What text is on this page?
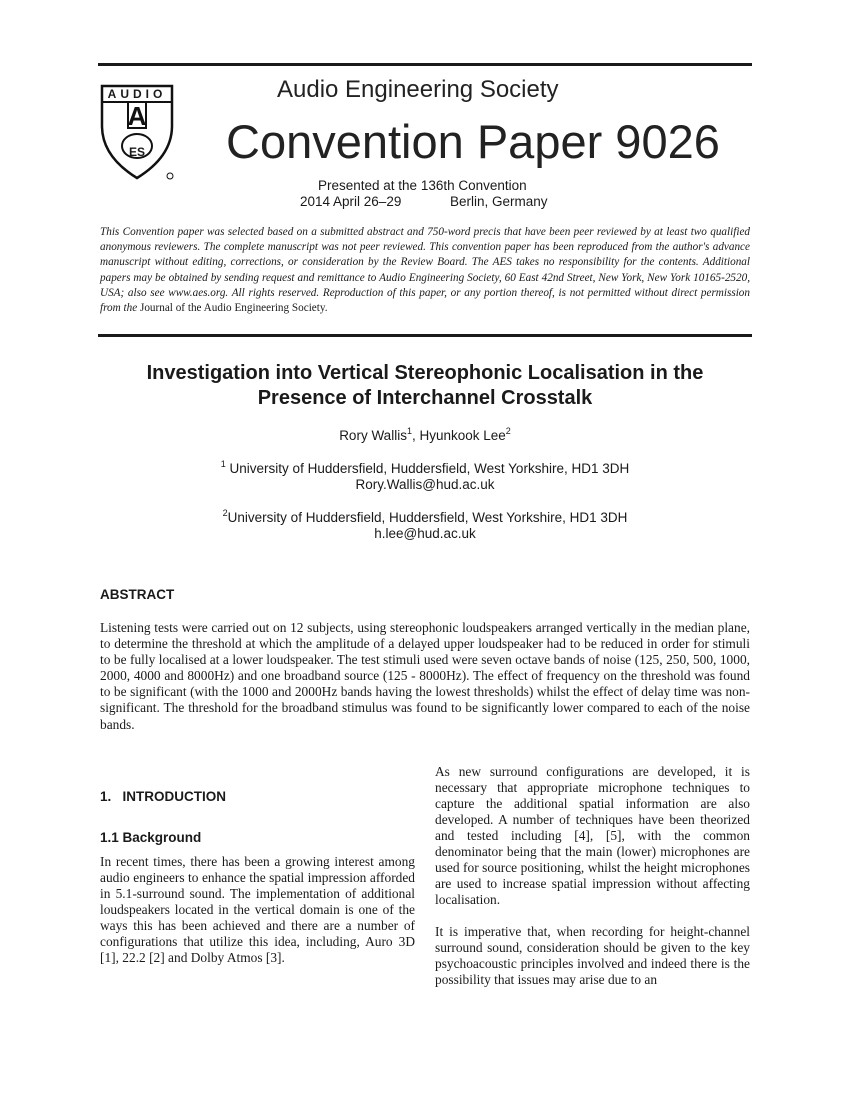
A
AUDIO
ES
Audio Engineering Society
Convention Paper 9026
Presented at the 136th Convention
2014 April 26–29	Berlin, Germany
This Convention paper was selected based on a submitted abstract and 750-word precis that have been peer reviewed by at least two qualified anonymous reviewers. The complete manuscript was not peer reviewed. This convention paper has been reproduced from the author's advance manuscript without editing, corrections, or consideration by the Review Board. The AES takes no responsibility for the contents. Additional papers may be obtained by sending request and remittance to Audio Engineering Society, 60 East 42nd Street, New York, New York 10165-2520, USA; also see www.aes.org. All rights reserved. Reproduction of this paper, or any portion thereof, is not permitted without direct permission from the Journal of the Audio Engineering Society.
Investigation into Vertical Stereophonic Localisation in the
Presence of Interchannel Crosstalk
Rory Wallis$^1$, Hyunkook Lee$^2$
$^1$ University of Huddersfield, Huddersfield, West Yorkshire, HD1 3DH
Rory.Wallis@hud.ac.uk
$^2$University of Huddersfield, Huddersfield, West Yorkshire, HD1 3DH
h.lee@hud.ac.uk
ABSTRACT
Listening tests were carried out on 12 subjects, using stereophonic loudspeakers arranged vertically in the median plane, to determine the threshold at which the amplitude of a delayed upper loudspeaker had to be reduced in order for stimuli to be fully localised at a lower loudspeaker. The test stimuli used were seven octave bands of noise (125, 250, 500, 1000, 2000, 4000 and 8000Hz) and one broadband source (125 - 8000Hz). The effect of frequency on the threshold was found to be significant (with the 1000 and 2000Hz bands having the lowest thresholds) whilst the effect of delay time was non-significant. The threshold for the broadband stimulus was found to be significantly lower compared to each of the noise bands.
1.   INTRODUCTION
1.1 Background
In recent times, there has been a growing interest among audio engineers to enhance the spatial impression afforded in 5.1-surround sound. The implementation of additional loudspeakers located in the vertical domain is one of the ways this has been achieved and there are a number of configurations that utilize this idea, including, Auro 3D [1], 22.2 [2] and Dolby Atmos [3].
As new surround configurations are developed, it is necessary that appropriate microphone techniques to capture the additional spatial information are also developed. A number of techniques have been theorized and tested including [4], [5], with the common denominator being that the main (lower) microphones are used for source positioning, whilst the height microphones are used to increase spatial impression without affecting localisation.
It is imperative that, when recording for height-channel surround sound, consideration should be given to the key psychoacoustic principles involved and indeed there is the possibility that issues may arise due to an
